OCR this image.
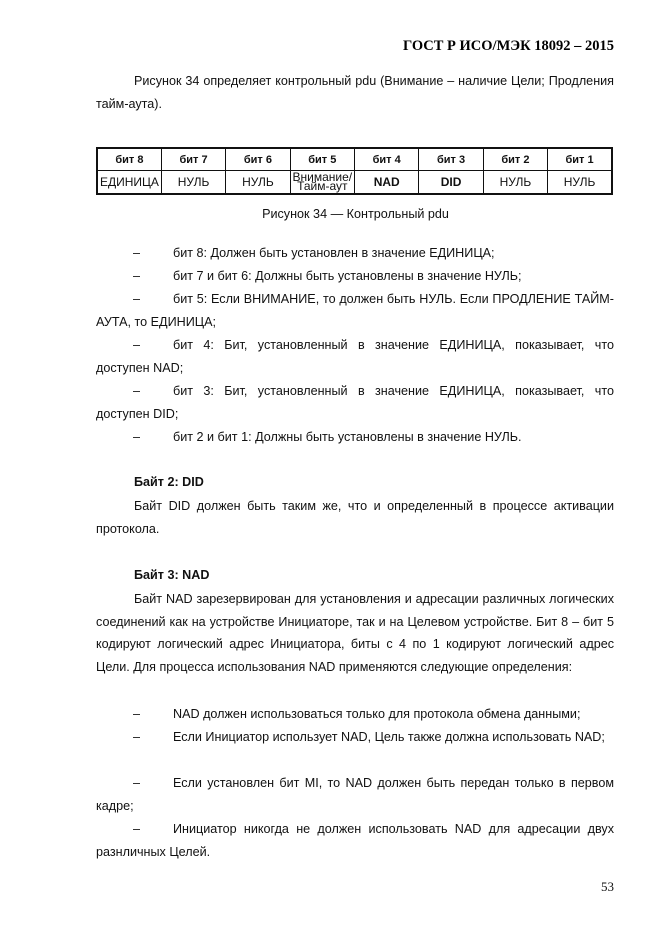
ГОСТ Р ИСО/МЭК 18092 – 2015
Рисунок 34 определяет контрольный pdu (Внимание – наличие Цели; Продления тайм-аута).
бит 8	бит 7	бит 6	бит 5	бит 4	бит 3	бит 2	бит 1
ЕДИНИЦА	НУЛЬ	НУЛЬ	Внимание/ Тайм-аут	NAD	DID	НУЛЬ	НУЛЬ
Рисунок 34 — Контрольный pdu
–	бит 8: Должен быть установлен в значение ЕДИНИЦА;
–	бит 7 и бит 6: Должны быть установлены в значение НУЛЬ;
–	бит 5: Если ВНИМАНИЕ, то должен быть НУЛЬ. Если ПРОДЛЕНИЕ ТАЙМ-АУТА, то ЕДИНИЦА;
–	бит 4: Бит, установленный в значение ЕДИНИЦА, показывает, что доступен NAD;
–	бит 3: Бит, установленный в значение ЕДИНИЦА, показывает, что доступен DID;
–	бит 2 и бит 1: Должны быть установлены в значение НУЛЬ.
Байт 2: DID
Байт DID должен быть таким же, что и определенный в процессе активации протокола.
Байт 3: NAD
Байт NAD зарезервирован для установления и адресации различных логических соединений как на устройстве Инициаторе, так и на Целевом устройстве. Бит 8 – бит 5 кодируют логический адрес Инициатора, биты с 4 по 1 кодируют логический адрес Цели. Для процесса использования NAD применяются следующие определения:
–	NAD должен использоваться только для протокола обмена данными;
–	Если Инициатор использует NAD, Цель также должна использовать NAD;
–	Если установлен бит MI, то NAD должен быть передан только в первом кадре;
–	Инициатор никогда не должен использовать NAD для адресации двух разнличных Целей.
53
